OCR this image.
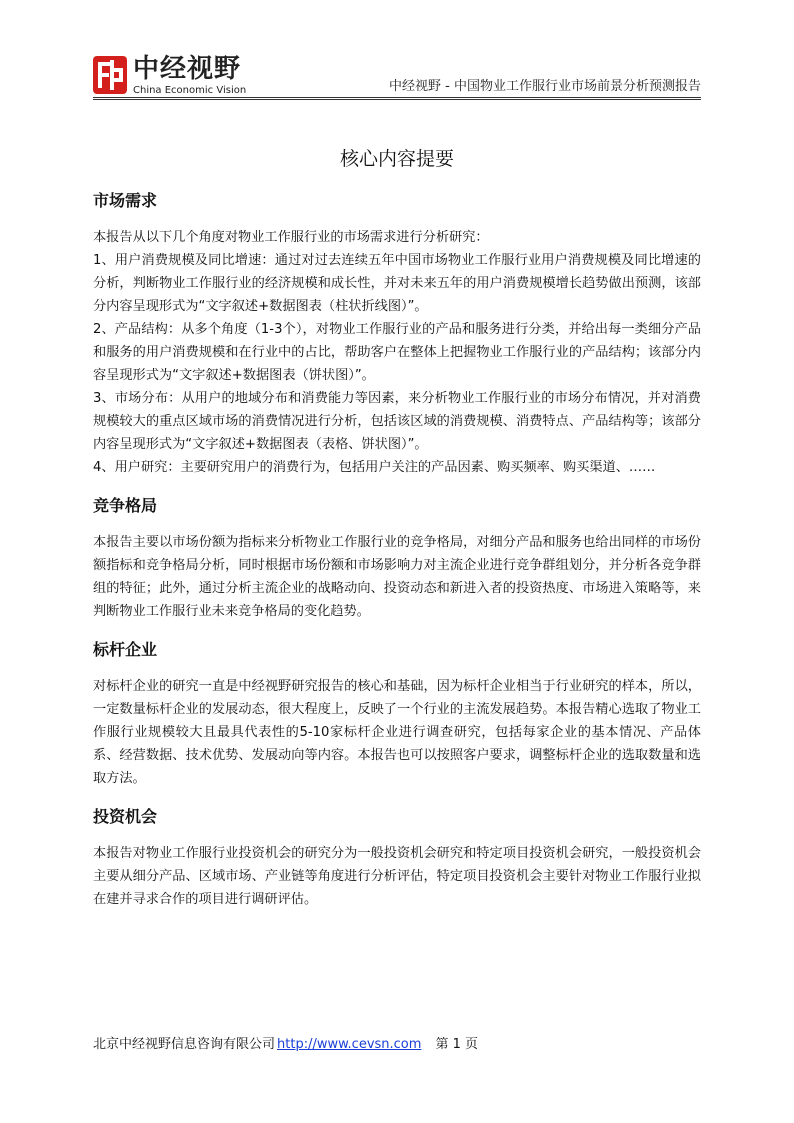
中经视野
China Economic Vision	中经视野 - 中国物业工作服行业市场前景分析预测报告
核心内容提要
市场需求

本报告从以下几个角度对物业工作服行业的市场需求进行分析研究：

1、用户消费规模及同比增速：通过对过去连续五年中国市场物业工作服行业用户消费规模及同比增速的分析，判断物业工作服行业的经济规模和成长性，并对未来五年的用户消费规模增长趋势做出预测，该部分内容呈现形式为“文字叙述+数据图表（柱状折线图）”。

2、产品结构：从多个角度（1-3个），对物业工作服行业的产品和服务进行分类，并给出每一类细分产品和服务的用户消费规模和在行业中的占比，帮助客户在整体上把握物业工作服行业的产品结构；该部分内容呈现形式为“文字叙述+数据图表（饼状图）”。

3、市场分布：从用户的地域分布和消费能力等因素，来分析物业工作服行业的市场分布情况，并对消费规模较大的重点区域市场的消费情况进行分析，包括该区域的消费规模、消费特点、产品结构等；该部分内容呈现形式为“文字叙述+数据图表（表格、饼状图）”。

4、用户研究：主要研究用户的消费行为，包括用户关注的产品因素、购买频率、购买渠道、……

竞争格局

本报告主要以市场份额为指标来分析物业工作服行业的竞争格局，对细分产品和服务也给出同样的市场份额指标和竞争格局分析，同时根据市场份额和市场影响力对主流企业进行竞争群组划分，并分析各竞争群组的特征；此外，通过分析主流企业的战略动向、投资动态和新进入者的投资热度、市场进入策略等，来判断物业工作服行业未来竞争格局的变化趋势。

标杆企业

对标杆企业的研究一直是中经视野研究报告的核心和基础，因为标杆企业相当于行业研究的样本，所以，一定数量标杆企业的发展动态，很大程度上，反映了一个行业的主流发展趋势。本报告精心选取了物业工作服行业规模较大且最具代表性的5-10家标杆企业进行调查研究，包括每家企业的基本情况、产品体系、经营数据、技术优势、发展动向等内容。本报告也可以按照客户要求，调整标杆企业的选取数量和选取方法。

投资机会

本报告对物业工作服行业投资机会的研究分为一般投资机会研究和特定项目投资机会研究，一般投资机会主要从细分产品、区域市场、产业链等角度进行分析评估，特定项目投资机会主要针对物业工作服行业拟在建并寻求合作的项目进行调研评估。

北京中经视野信息咨询有限公司 http://www.cevsn.com 第 1 页
